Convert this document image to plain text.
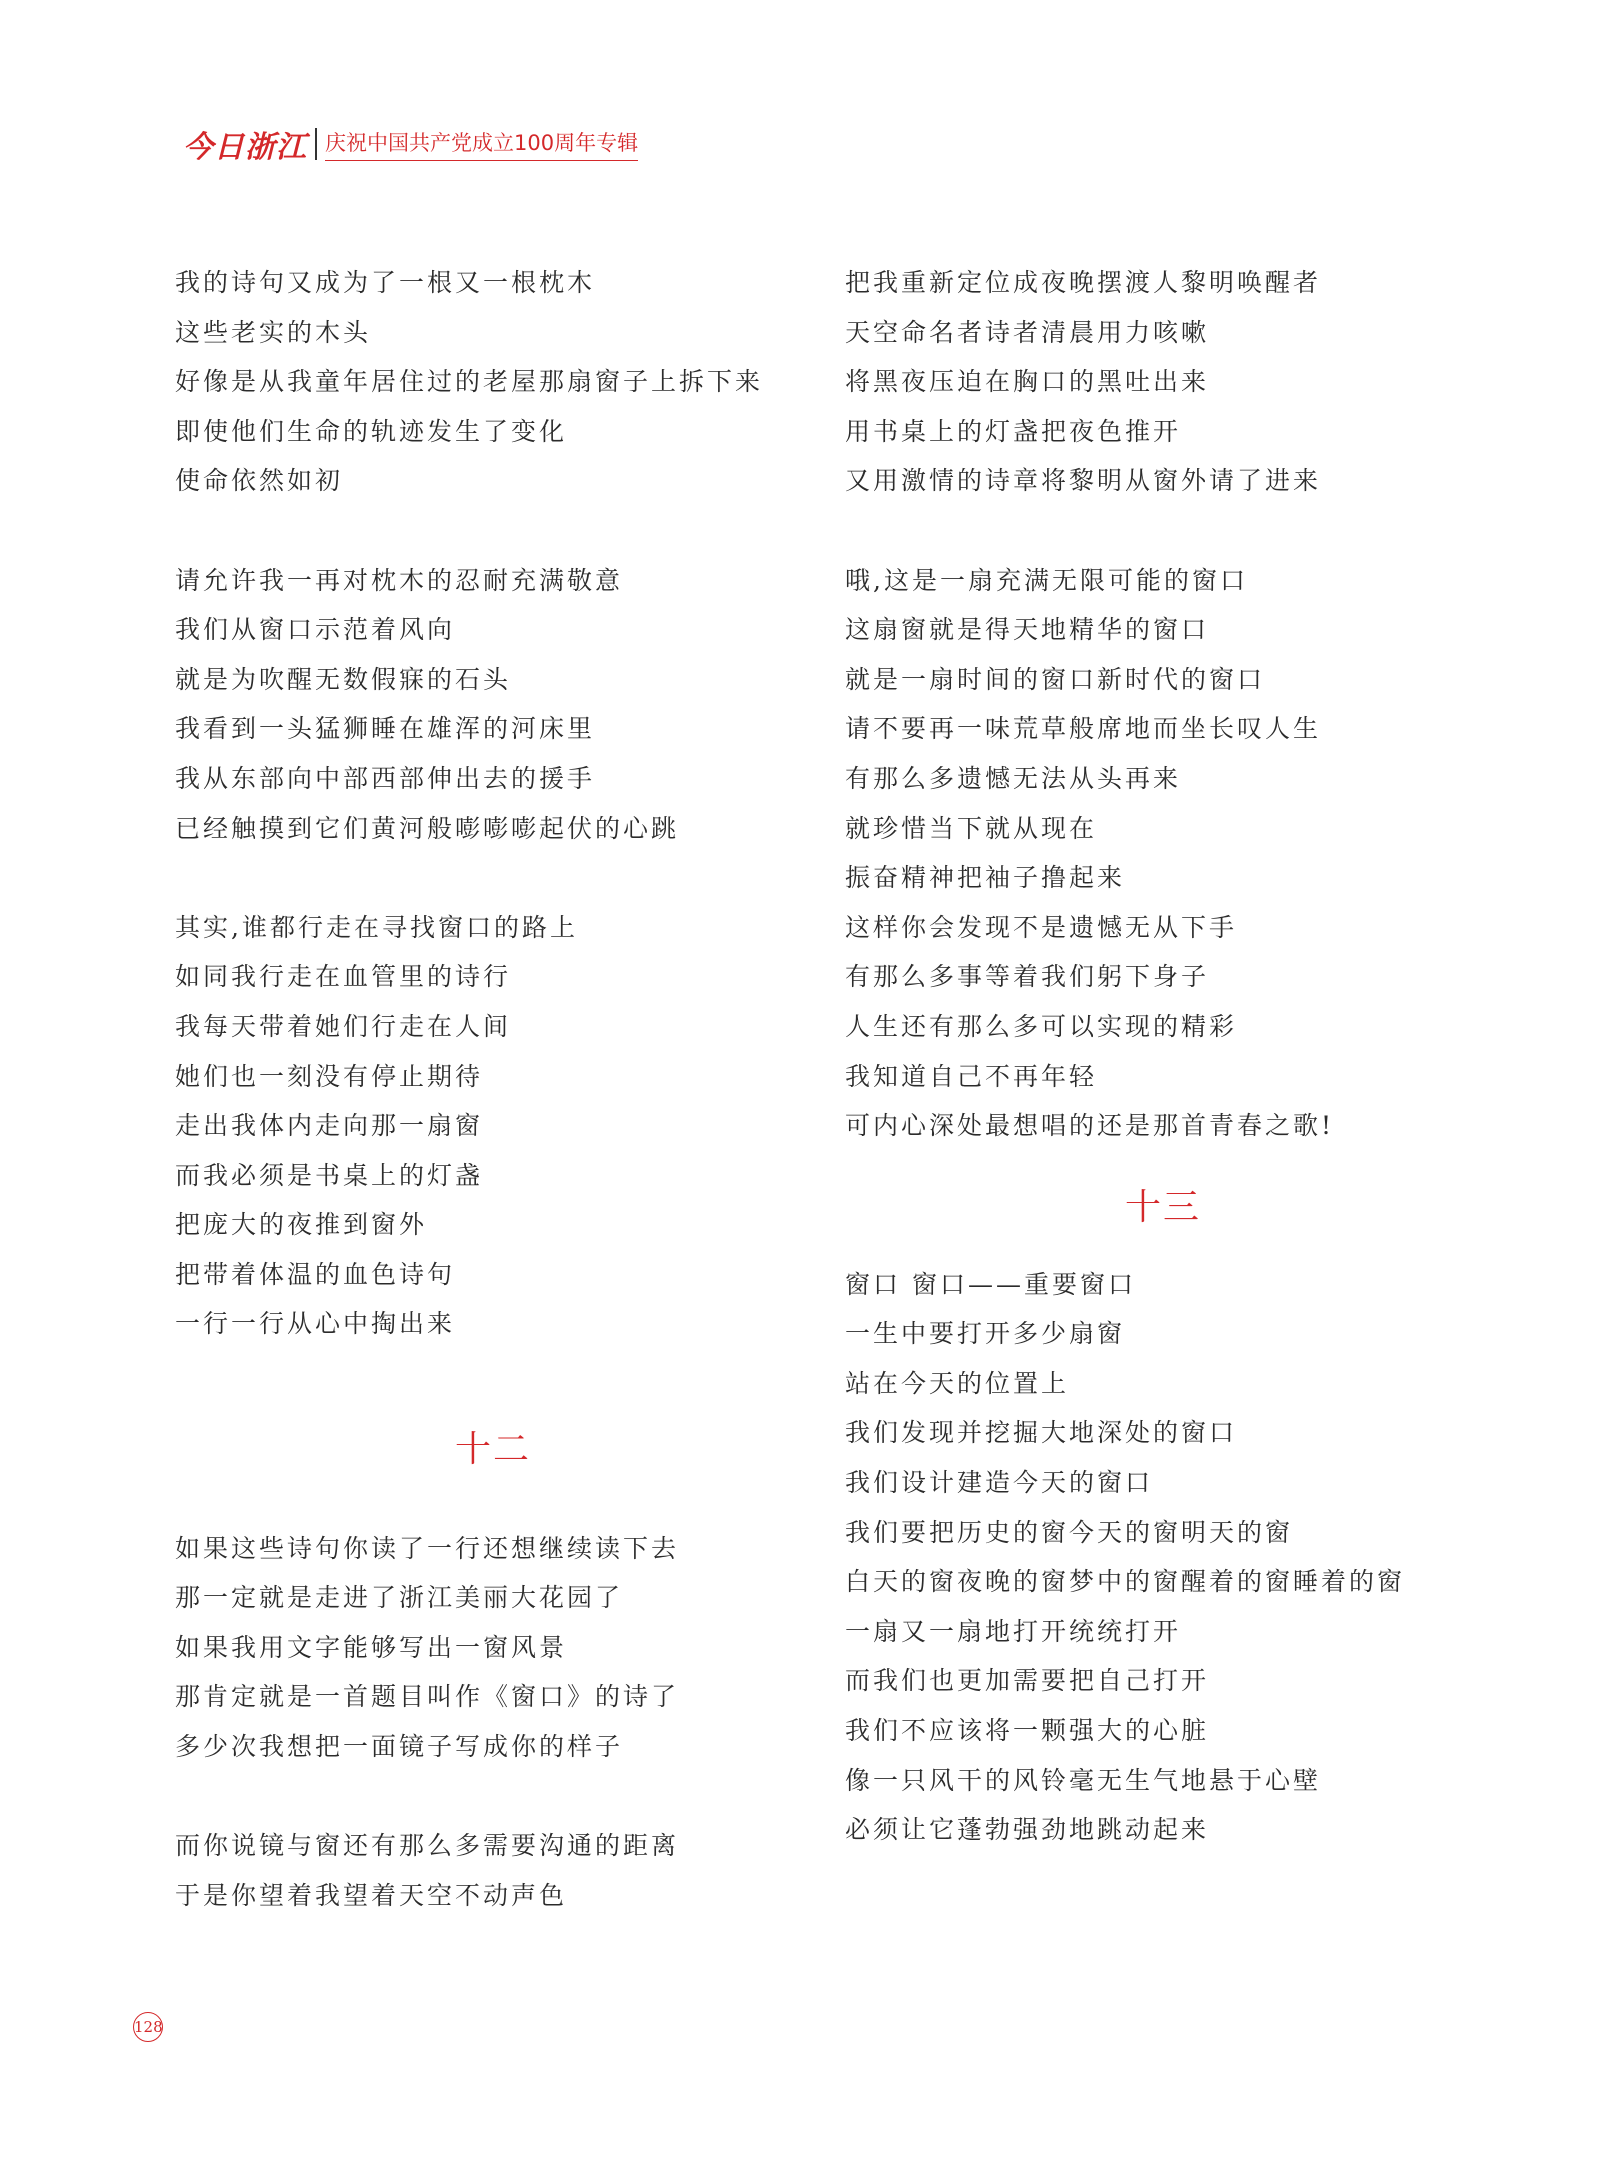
今日浙江 庆祝中国共产党成立100周年专辑
我的诗句又成为了一根又一根枕木
这些老实的木头
好像是从我童年居住过的老屋那扇窗子上拆下来
即使他们生命的轨迹发生了变化
使命依然如初
请允许我一再对枕木的忍耐充满敬意
我们从窗口示范着风向
就是为吹醒无数假寐的石头
我看到一头猛狮睡在雄浑的河床里
我从东部向中部西部伸出去的援手
已经触摸到它们黄河般嘭嘭嘭起伏的心跳
其实,谁都行走在寻找窗口的路上
如同我行走在血管里的诗行
我每天带着她们行走在人间
她们也一刻没有停止期待
走出我体内走向那一扇窗
而我必须是书桌上的灯盏
把庞大的夜推到窗外
把带着体温的血色诗句
一行一行从心中掏出来
十二
如果这些诗句你读了一行还想继续读下去
那一定就是走进了浙江美丽大花园了
如果我用文字能够写出一窗风景
那肯定就是一首题目叫作《窗口》的诗了
多少次我想把一面镜子写成你的样子
而你说镜与窗还有那么多需要沟通的距离
于是你望着我望着天空不动声色
把我重新定位成夜晚摆渡人黎明唤醒者
天空命名者诗者清晨用力咳嗽
将黑夜压迫在胸口的黑吐出来
用书桌上的灯盏把夜色推开
又用激情的诗章将黎明从窗外请了进来
哦,这是一扇充满无限可能的窗口
这扇窗就是得天地精华的窗口
就是一扇时间的窗口新时代的窗口
请不要再一味荒草般席地而坐长叹人生
有那么多遗憾无法从头再来
就珍惜当下就从现在
振奋精神把袖子撸起来
这样你会发现不是遗憾无从下手
有那么多事等着我们躬下身子
人生还有那么多可以实现的精彩
我知道自己不再年轻
可内心深处最想唱的还是那首青春之歌!
十三
窗口 窗口——重要窗口
一生中要打开多少扇窗
站在今天的位置上
我们发现并挖掘大地深处的窗口
我们设计建造今天的窗口
我们要把历史的窗今天的窗明天的窗
白天的窗夜晚的窗梦中的窗醒着的窗睡着的窗
一扇又一扇地打开统统打开
而我们也更加需要把自己打开
我们不应该将一颗强大的心脏
像一只风干的风铃毫无生气地悬于心壁
必须让它蓬勃强劲地跳动起来
128
